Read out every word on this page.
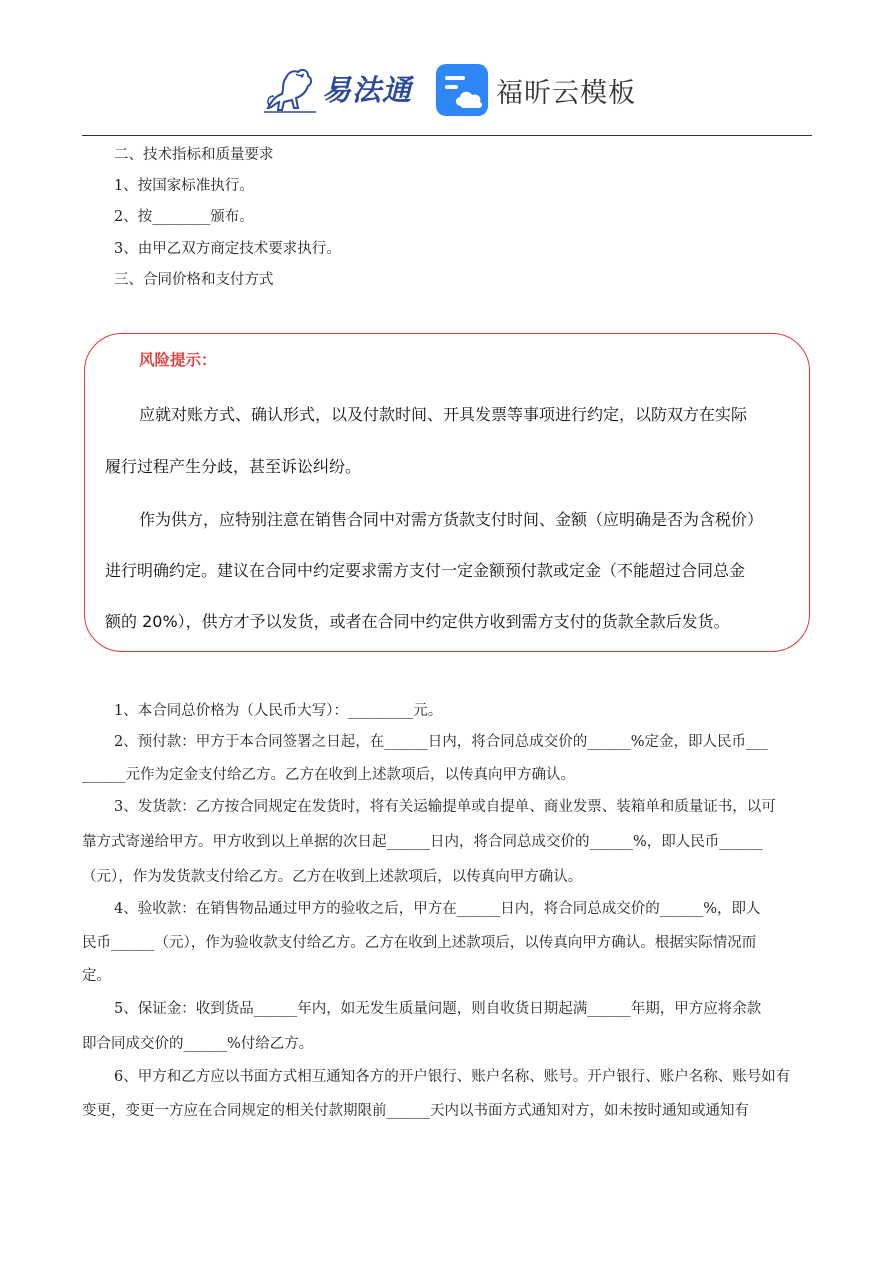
易法通	福昕云模板
二、技术指标和质量要求
1、按国家标准执行。
2、按________颁布。
3、由甲乙双方商定技术要求执行。
三、合同价格和支付方式
风险提示：
应就对账方式、确认形式，以及付款时间、开具发票等事项进行约定，以防双方在实际
履行过程产生分歧，甚至诉讼纠纷。
作为供方，应特别注意在销售合同中对需方货款支付时间、金额（应明确是否为含税价）
进行明确约定。建议在合同中约定要求需方支付一定金额预付款或定金（不能超过合同总金
额的 20%），供方才予以发货，或者在合同中约定供方收到需方支付的货款全款后发货。
1、本合同总价格为（人民币大写）：_________元。
2、预付款：甲方于本合同签署之日起，在______日内，将合同总成交价的______%定金，即人民币___
______元作为定金支付给乙方。乙方在收到上述款项后，以传真向甲方确认。
3、发货款：乙方按合同规定在发货时，将有关运输提单或自提单、商业发票、装箱单和质量证书，以可
靠方式寄递给甲方。甲方收到以上单据的次日起______日内，将合同总成交价的______%，即人民币______
（元），作为发货款支付给乙方。乙方在收到上述款项后，以传真向甲方确认。
4、验收款：在销售物品通过甲方的验收之后，甲方在______日内，将合同总成交价的______%，即人
民币______（元），作为验收款支付给乙方。乙方在收到上述款项后，以传真向甲方确认。根据实际情况而
定。
5、保证金：收到货品______年内，如无发生质量问题，则自收货日期起满______年期，甲方应将余款
即合同成交价的______%付给乙方。
6、甲方和乙方应以书面方式相互通知各方的开户银行、账户名称、账号。开户银行、账户名称、账号如有
变更，变更一方应在合同规定的相关付款期限前______天内以书面方式通知对方，如未按时通知或通知有
